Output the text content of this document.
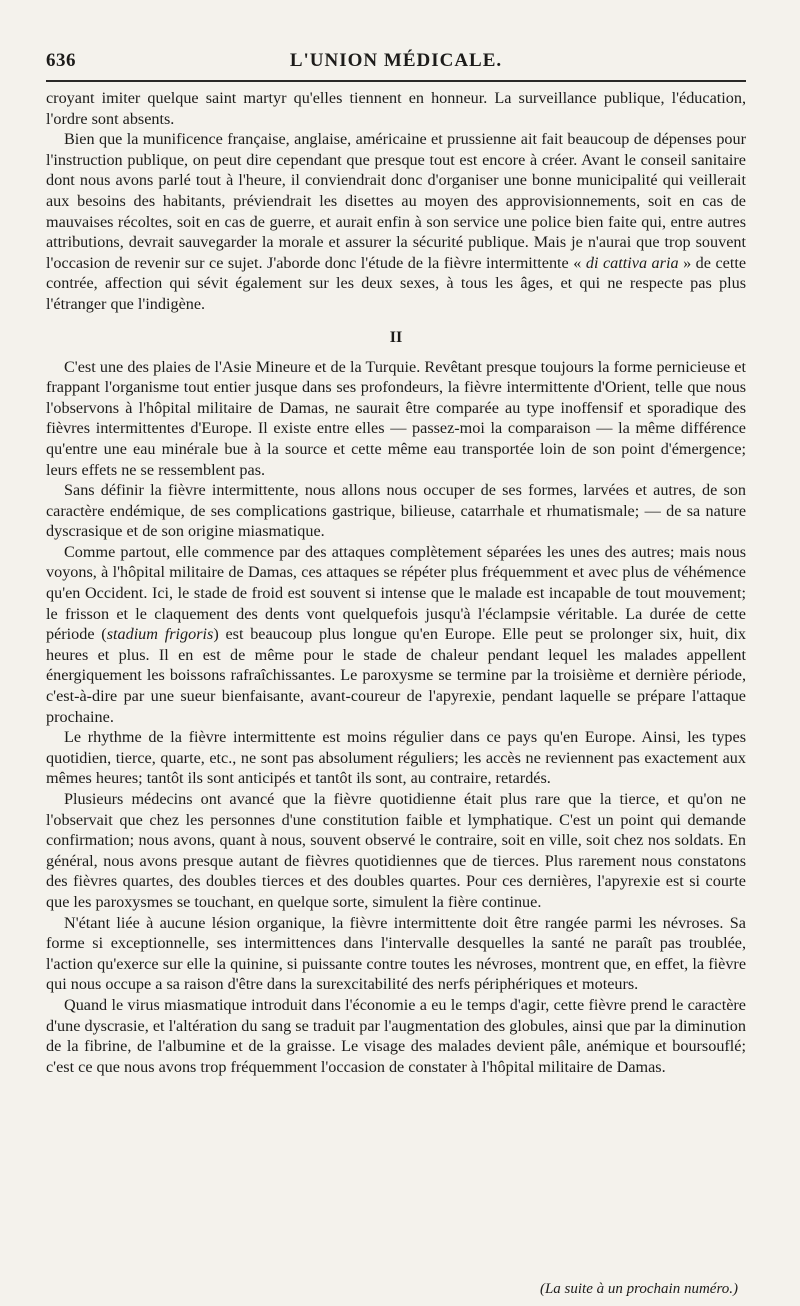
636	L'UNION MÉDICALE.

croyant imiter quelque saint martyr qu'elles tiennent en honneur. La surveillance publique, l'éducation, l'ordre sont absents.

Bien que la munificence française, anglaise, américaine et prussienne ait fait beaucoup de dépenses pour l'instruction publique, on peut dire cependant que presque tout est encore à créer. Avant le conseil sanitaire dont nous avons parlé tout à l'heure, il conviendrait donc d'organiser une bonne municipalité qui veillerait aux besoins des habitants, préviendrait les disettes au moyen des approvisionnements, soit en cas de mauvaises récoltes, soit en cas de guerre, et aurait enfin à son service une police bien faite qui, entre autres attributions, devrait sauvegarder la morale et assurer la sécurité publique. Mais je n'aurai que trop souvent l'occasion de revenir sur ce sujet. J'aborde donc l'étude de la fièvre intermittente « di cattiva aria » de cette contrée, affection qui sévit également sur les deux sexes, à tous les âges, et qui ne respecte pas plus l'étranger que l'indigène.

II

C'est une des plaies de l'Asie Mineure et de la Turquie. Revêtant presque toujours la forme pernicieuse et frappant l'organisme tout entier jusque dans ses profondeurs, la fièvre intermittente d'Orient, telle que nous l'observons à l'hôpital militaire de Damas, ne saurait être comparée au type inoffensif et sporadique des fièvres intermittentes d'Europe. Il existe entre elles — passez-moi la comparaison — la même différence qu'entre une eau minérale bue à la source et cette même eau transportée loin de son point d'émergence; leurs effets ne se ressemblent pas.

Sans définir la fièvre intermittente, nous allons nous occuper de ses formes, larvées et autres, de son caractère endémique, de ses complications gastrique, bilieuse, catarrhale et rhumatismale; — de sa nature dyscrasique et de son origine miasmatique.

Comme partout, elle commence par des attaques complètement séparées les unes des autres; mais nous voyons, à l'hôpital militaire de Damas, ces attaques se répéter plus fréquemment et avec plus de véhémence qu'en Occident. Ici, le stade de froid est souvent si intense que le malade est incapable de tout mouvement; le frisson et le claquement des dents vont quelquefois jusqu'à l'éclampsie véritable. La durée de cette période (stadium frigoris) est beaucoup plus longue qu'en Europe. Elle peut se prolonger six, huit, dix heures et plus. Il en est de même pour le stade de chaleur pendant lequel les malades appellent énergiquement les boissons rafraîchissantes. Le paroxysme se termine par la troisième et dernière période, c'est-à-dire par une sueur bienfaisante, avant-coureur de l'apyrexie, pendant laquelle se prépare l'attaque prochaine.

Le rhythme de la fièvre intermittente est moins régulier dans ce pays qu'en Europe. Ainsi, les types quotidien, tierce, quarte, etc., ne sont pas absolument réguliers; les accès ne reviennent pas exactement aux mêmes heures; tantôt ils sont anticipés et tantôt ils sont, au contraire, retardés.

Plusieurs médecins ont avancé que la fièvre quotidienne était plus rare que la tierce, et qu'on ne l'observait que chez les personnes d'une constitution faible et lymphatique. C'est un point qui demande confirmation; nous avons, quant à nous, souvent observé le contraire, soit en ville, soit chez nos soldats. En général, nous avons presque autant de fièvres quotidiennes que de tierces. Plus rarement nous constatons des fièvres quartes, des doubles tierces et des doubles quartes. Pour ces dernières, l'apyrexie est si courte que les paroxysmes se touchant, en quelque sorte, simulent la fière continue.

N'étant liée à aucune lésion organique, la fièvre intermittente doit être rangée parmi les névroses. Sa forme si exceptionnelle, ses intermittences dans l'intervalle desquelles la santé ne paraît pas troublée, l'action qu'exerce sur elle la quinine, si puissante contre toutes les névroses, montrent que, en effet, la fièvre qui nous occupe a sa raison d'être dans la surexcitabilité des nerfs périphériques et moteurs.

Quand le virus miasmatique introduit dans l'économie a eu le temps d'agir, cette fièvre prend le caractère d'une dyscrasie, et l'altération du sang se traduit par l'augmentation des globules, ainsi que par la diminution de la fibrine, de l'albumine et de la graisse. Le visage des malades devient pâle, anémique et boursouflé; c'est ce que nous avons trop fréquemment l'occasion de constater à l'hôpital militaire de Damas.

(La suite à un prochain numéro.)
